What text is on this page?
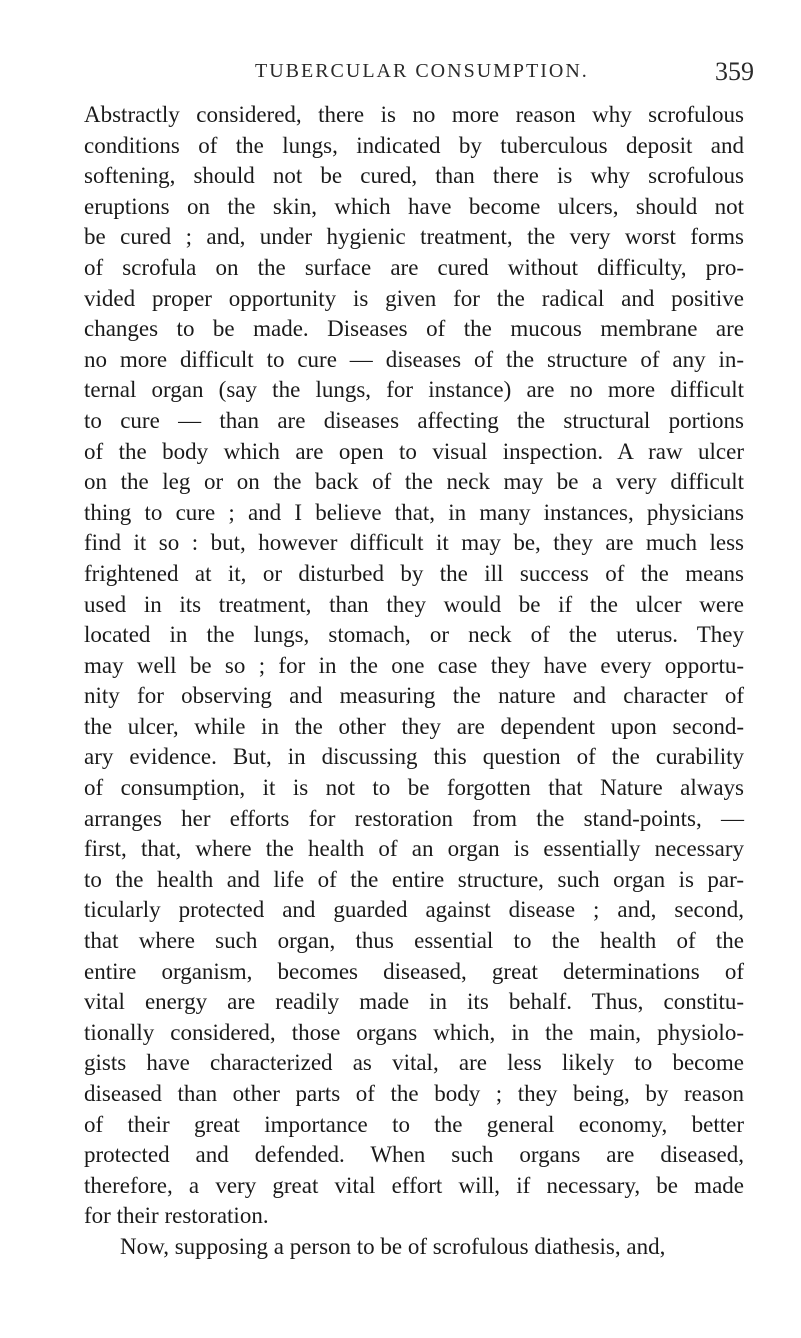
TUBERCULAR CONSUMPTION.	359
Abstractly considered, there is no more reason why scrofulous
conditions of the lungs, indicated by tuberculous deposit and
softening, should not be cured, than there is why scrofulous
eruptions on the skin, which have become ulcers, should not
be cured ; and, under hygienic treatment, the very worst forms
of scrofula on the surface are cured without difficulty, pro-
vided proper opportunity is given for the radical and positive
changes to be made. Diseases of the mucous membrane are
no more difficult to cure — diseases of the structure of any in-
ternal organ (say the lungs, for instance) are no more difficult
to cure — than are diseases affecting the structural portions
of the body which are open to visual inspection. A raw ulcer
on the leg or on the back of the neck may be a very difficult
thing to cure ; and I believe that, in many instances, physicians
find it so : but, however difficult it may be, they are much less
frightened at it, or disturbed by the ill success of the means
used in its treatment, than they would be if the ulcer were
located in the lungs, stomach, or neck of the uterus. They
may well be so ; for in the one case they have every opportu-
nity for observing and measuring the nature and character of
the ulcer, while in the other they are dependent upon second-
ary evidence. But, in discussing this question of the curability
of consumption, it is not to be forgotten that Nature always
arranges her efforts for restoration from the stand-points, —
first, that, where the health of an organ is essentially necessary
to the health and life of the entire structure, such organ is par-
ticularly protected and guarded against disease ; and, second,
that where such organ, thus essential to the health of the
entire organism, becomes diseased, great determinations of
vital energy are readily made in its behalf. Thus, constitu-
tionally considered, those organs which, in the main, physiolo-
gists have characterized as vital, are less likely to become
diseased than other parts of the body ; they being, by reason
of their great importance to the general economy, better
protected and defended. When such organs are diseased,
therefore, a very great vital effort will, if necessary, be made
for their restoration.
Now, supposing a person to be of scrofulous diathesis, and,
